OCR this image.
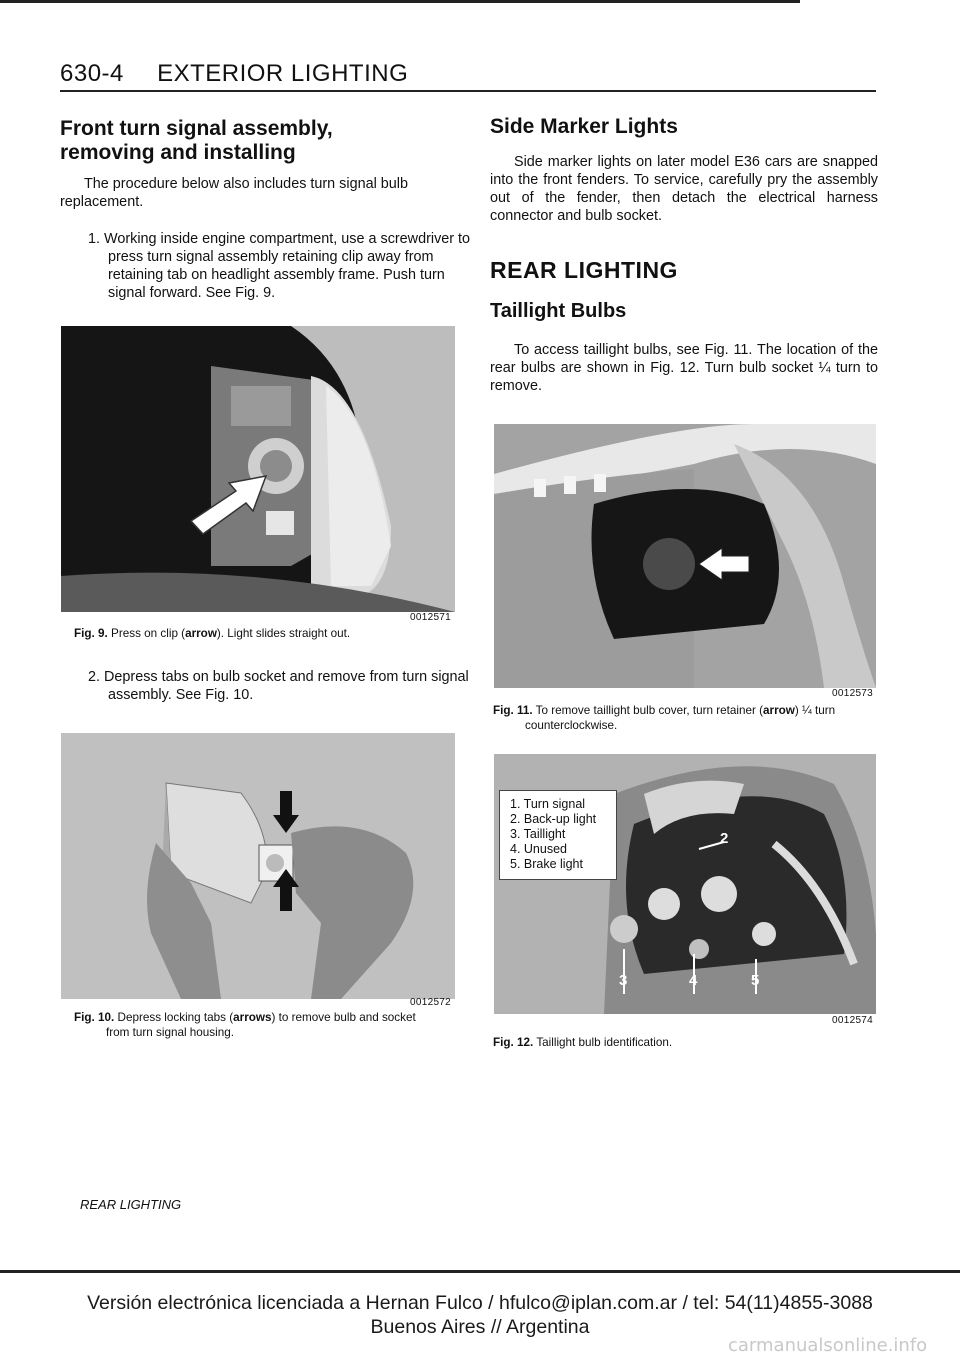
630-4 EXTERIOR LIGHTING
Front turn signal assembly, removing and installing
The procedure below also includes turn signal bulb replacement.
1. Working inside engine compartment, use a screwdriver to press turn signal assembly retaining clip away from retaining tab on headlight assembly frame. Push turn signal forward. See Fig. 9.
0012571
Fig. 9. Press on clip (arrow). Light slides straight out.
2. Depress tabs on bulb socket and remove from turn signal assembly. See Fig. 10.
0012572
Fig. 10. Depress locking tabs (arrows) to remove bulb and socket
from turn signal housing.
Side Marker Lights
Side marker lights on later model E36 cars are snapped into the front fenders. To service, carefully pry the assembly out of the fender, then detach the electrical harness connector and bulb socket.
REAR LIGHTING
Taillight Bulbs
To access taillight bulbs, see Fig. 11. The location of the rear bulbs are shown in Fig. 12. Turn bulb socket ¼ turn to remove.
0012573
Fig. 11. To remove taillight bulb cover, turn retainer (arrow) ¼ turn
counterclockwise.
2
3	4	5
1. Turn signal
2. Back-up light
3. Taillight
4. Unused
5. Brake light
0012574
Fig. 12. Taillight bulb identification.
REAR LIGHTING
Versión electrónica licenciada a Hernan Fulco / hfulco@iplan.com.ar / tel: 54(11)4855-3088
Buenos Aires // Argentina
carmanualsonline.info
